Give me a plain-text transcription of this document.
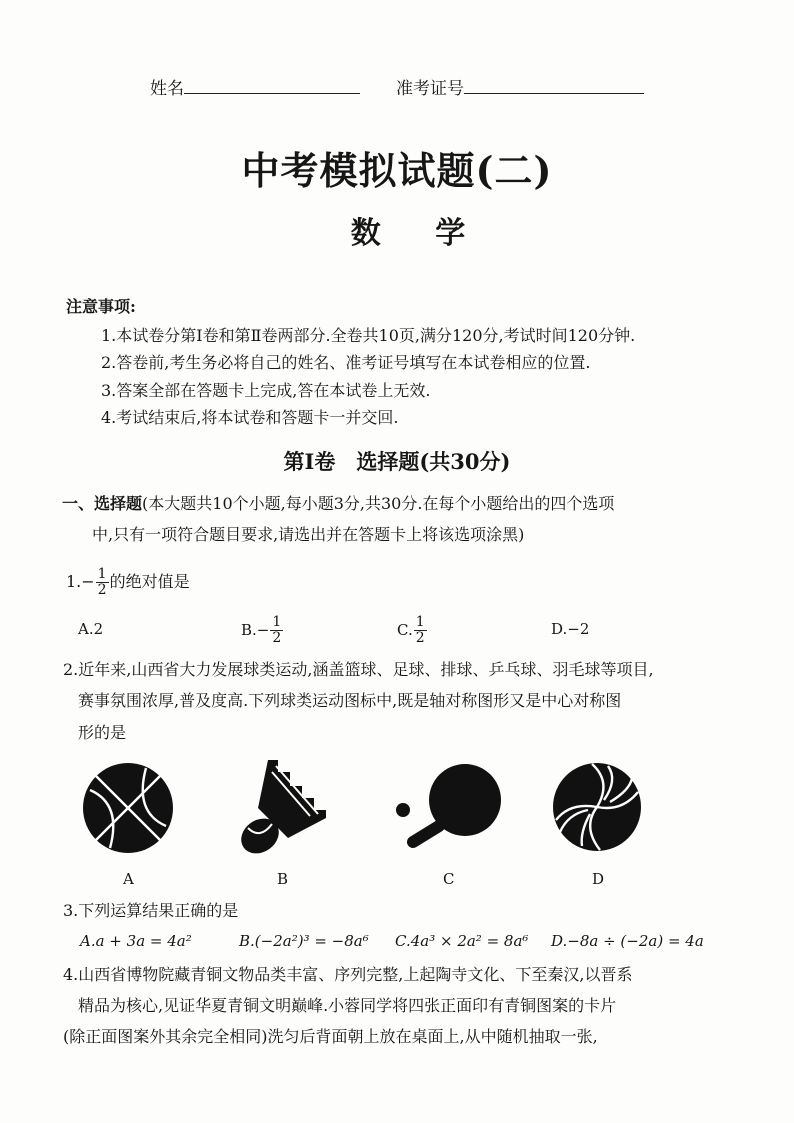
姓名	准考证号
中考模拟试题(二)
数 学
注意事项:
1.本试卷分第Ⅰ卷和第Ⅱ卷两部分.全卷共10页,满分120分,考试时间120分钟.
2.答卷前,考生务必将自己的姓名、准考证号填写在本试卷相应的位置.
3.答案全部在答题卡上完成,答在本试卷上无效.
4.考试结束后,将本试卷和答题卡一并交回.
第Ⅰ卷　选择题(共30分)
一、选择题(本大题共10个小题,每小题3分,共30分.在每个小题给出的四个选项
中,只有一项符合题目要求,请选出并在答题卡上将该选项涂黑)
$1.- \frac{1}{2}$ 的绝对值是
A.2	$B.- \frac{1}{2}$	C. $\frac{1}{2}$	D.−2
2.近年来,山西省大力发展球类运动,涵盖篮球、足球、排球、乒乓球、羽毛球等项目,
赛事氛围浓厚,普及度高.下列球类运动图标中,既是轴对称图形又是中心对称图
形的是
A	B	C	D
3.下列运算结果正确的是
A.a + 3a = 4a²	B.(−2a²)³ = −8a⁶ C.4a³ × 2a² = 8a⁶ D.−8a ÷ (−2a) = 4a
4.山西省博物院藏青铜文物品类丰富、序列完整,上起陶寺文化、下至秦汉,以晋系
精品为核心,见证华夏青铜文明巅峰.小蓉同学将四张正面印有青铜图案的卡片
(除正面图案外其余完全相同)洗匀后背面朝上放在桌面上,从中随机抽取一张,
